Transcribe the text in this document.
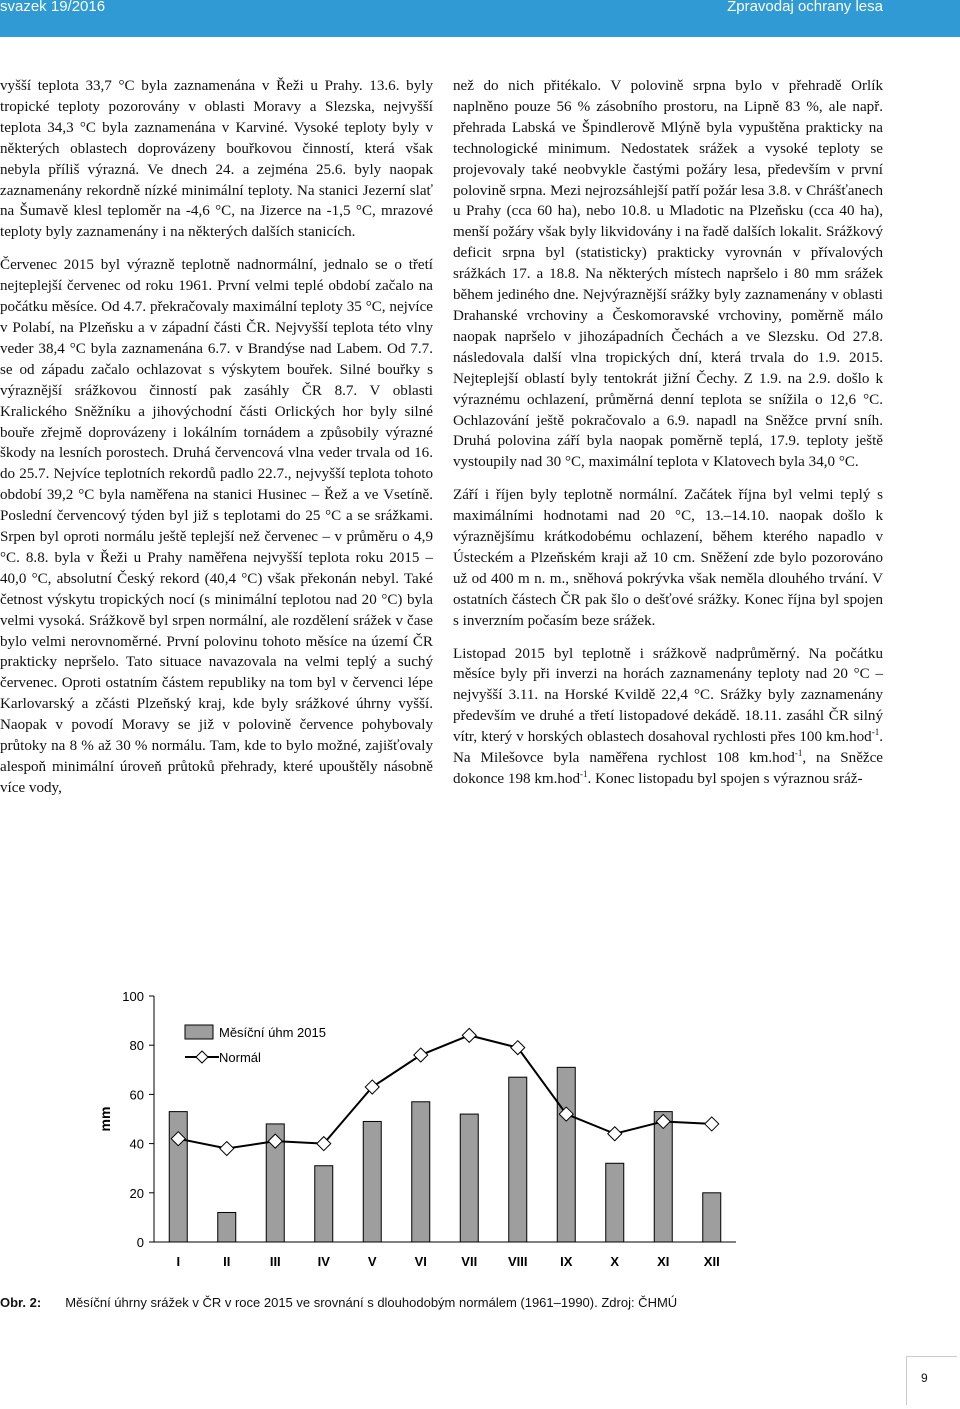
svazek 19/2016	Zpravodaj ochrany lesa

vyšší teplota 33,7 °C byla zaznamenána v Řeži u Prahy. 13.6. byly tropické teploty pozorovány v oblasti Moravy a Slezska, nejvyšší teplota 34,3 °C byla zaznamenána v Karviné. Vysoké teploty byly v některých oblastech doprovázeny bouřkovou činností, která však nebyla příliš výrazná. Ve dnech 24. a zejména 25.6. byly naopak zaznamenány rekordně nízké minimální teploty. Na stanici Jezerní slať na Šumavě klesl teploměr na -4,6 °C, na Jizerce na -1,5 °C, mrazové teploty byly zaznamenány i na některých dalších stanicích.

Červenec 2015 byl výrazně teplotně nadnormální, jednalo se o třetí nejteplejší červenec od roku 1961. První velmi teplé období začalo na počátku měsíce. Od 4.7. překračovaly maximální teploty 35 °C, nejvíce v Polabí, na Plzeňsku a v západní části ČR. Nejvyšší teplota této vlny veder 38,4 °C byla zaznamenána 6.7. v Brandýse nad Labem. Od 7.7. se od západu začalo ochlazovat s výskytem bouřek. Silné bouřky s výraznější srážkovou činností pak zasáhly ČR 8.7. V oblasti Kralického Sněžníku a jihovýchodní části Orlických hor byly silné bouře zřejmě doprovázeny i lokálním tornádem a způsobily výrazné škody na lesních porostech. Druhá červencová vlna veder trvala od 16. do 25.7. Nejvíce teplotních rekordů padlo 22.7., nejvyšší teplota tohoto období 39,2 °C byla naměřena na stanici Husinec – Řež a ve Vsetíně. Poslední červencový týden byl již s teplotami do 25 °C a se srážkami. Srpen byl oproti normálu ještě teplejší než červenec – v průměru o 4,9 °C. 8.8. byla v Řeži u Prahy naměřena nejvyšší teplota roku 2015 – 40,0 °C, absolutní Český rekord (40,4 °C) však překonán nebyl. Také četnost výskytu tropických nocí (s minimální teplotou nad 20 °C) byla velmi vysoká. Srážkově byl srpen normální, ale rozdělení srážek v čase bylo velmi nerovnoměrné. První polovinu tohoto měsíce na území ČR prakticky nepršelo. Tato situace navazovala na velmi teplý a suchý červenec. Oproti ostatním částem republiky na tom byl v červenci lépe Karlovarský a zčásti Plzeňský kraj, kde byly srážkové úhrny vyšší. Naopak v povodí Moravy se již v polovině července pohybovaly průtoky na 8 % až 30 % normálu. Tam, kde to bylo možné, zajišťovaly alespoň minimální úroveň průtoků přehrady, které upouštěly násobně více vody,

než do nich přitékalo. V polovině srpna bylo v přehradě Orlík naplněno pouze 56 % zásobního prostoru, na Lipně 83 %, ale např. přehrada Labská ve Špindlerově Mlýně byla vypuštěna prakticky na technologické minimum. Nedostatek srážek a vysoké teploty se projevovaly také neobvykle častými požáry lesa, především v první polovině srpna. Mezi nejrozsáhlejší patří požár lesa 3.8. v Chrášťanech u Prahy (cca 60 ha), nebo 10.8. u Mladotic na Plzeňsku (cca 40 ha), menší požáry však byly likvidovány i na řadě dalších lokalit. Srážkový deficit srpna byl (statisticky) prakticky vyrovnán v přívalových srážkách 17. a 18.8. Na některých místech napršelo i 80 mm srážek během jediného dne. Nejvýraznější srážky byly zaznamenány v oblasti Drahanské vrchoviny a Českomoravské vrchoviny, poměrně málo naopak napršelo v jihozápadních Čechách a ve Slezsku. Od 27.8. následovala další vlna tropických dní, která trvala do 1.9. 2015. Nejteplejší oblastí byly tentokrát jižní Čechy. Z 1.9. na 2.9. došlo k výraznému ochlazení, průměrná denní teplota se snížila o 12,6 °C. Ochlazování ještě pokračovalo a 6.9. napadl na Sněžce první sníh. Druhá polovina září byla naopak poměrně teplá, 17.9. teploty ještě vystoupily nad 30 °C, maximální teplota v Klatovech byla 34,0 °C.

Září i říjen byly teplotně normální. Začátek října byl velmi teplý s maximálními hodnotami nad 20 °C, 13.–14.10. naopak došlo k výraznějšímu krátkodobému ochlazení, během kterého napadlo v Ústeckém a Plzeňském kraji až 10 cm. Sněžení zde bylo pozorováno už od 400 m n. m., sněhová pokrývka však neměla dlouhého trvání. V ostatních částech ČR pak šlo o dešťové srážky. Konec října byl spojen s inverzním počasím beze srážek.

Listopad 2015 byl teplotně i srážkově nadprůměrný. Na počátku měsíce byly při inverzi na horách zaznamenány teploty nad 20 °C – nejvyšší 3.11. na Horské Kvildě 22,4 °C. Srážky byly zaznamenány především ve druhé a třetí listopadové dekádě. 18.11. zasáhl ČR silný vítr, který v horských oblastech dosahoval rychlosti přes 100 km.hod$^{-1}$. Na Milešovce byla naměřena rychlost 108 km.hod$^{-1}$, na Sněžce dokonce 198 km.hod$^{-1}$. Konec listopadu byl spojen s výraznou sráž-

0
20
40
60
80
100
mm
I	II	III	IV	V	VI	VII VIII	IX	X	XI	XII
Měsíční úhm 2015
Normál
Obr. 2: Měsíční úhrny srážek v ČR v roce 2015 ve srovnání s dlouhodobým normálem (1961–1990). Zdroj: ČHMÚ
9
